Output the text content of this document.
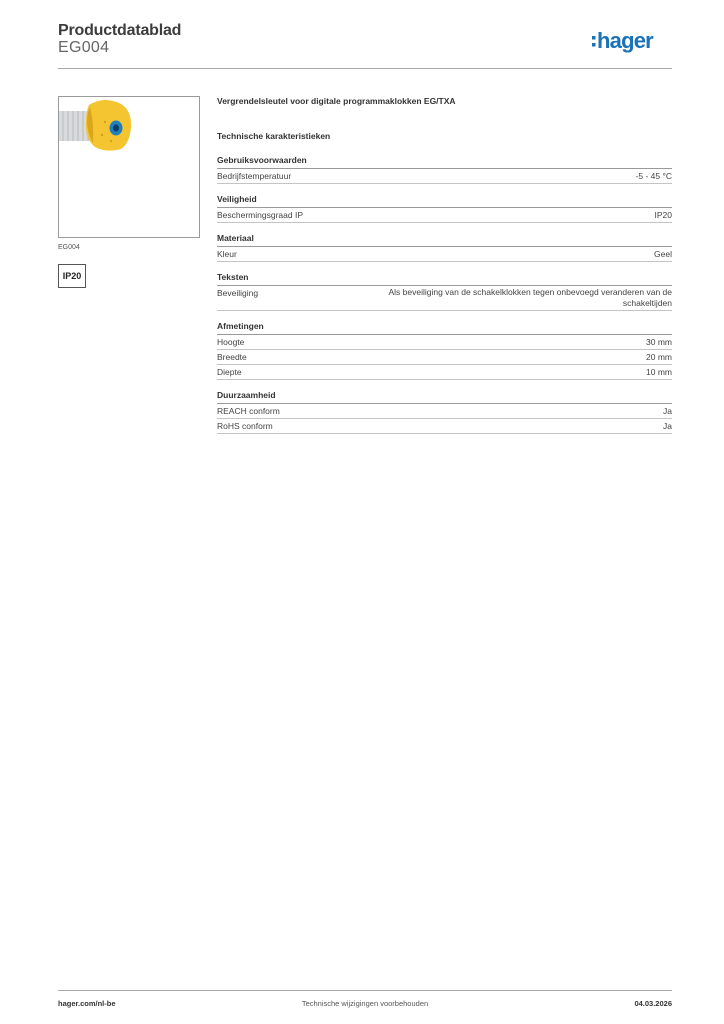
Productdatablad
EG004	hager
EG004
IP20
Vergrendelsleutel voor digitale programmaklokken EG/TXA
Technische karakteristieken
Gebruiksvoorwaarden
Bedrijfstemperatuur	-5 - 45 °C
Veiligheid
Beschermingsgraad IP	IP20
Materiaal
Kleur	Geel
Teksten
Beveiliging	Als beveiliging van de schakelklokken tegen onbevoegd veranderen van de schakeltijden
Afmetingen
Hoogte	30 mm
Breedte	20 mm
Diepte	10 mm
Duurzaamheid
REACH conform	Ja
RoHS conform	Ja
hager.com/nl-be	Technische wijzigingen voorbehouden	04.03.2026
